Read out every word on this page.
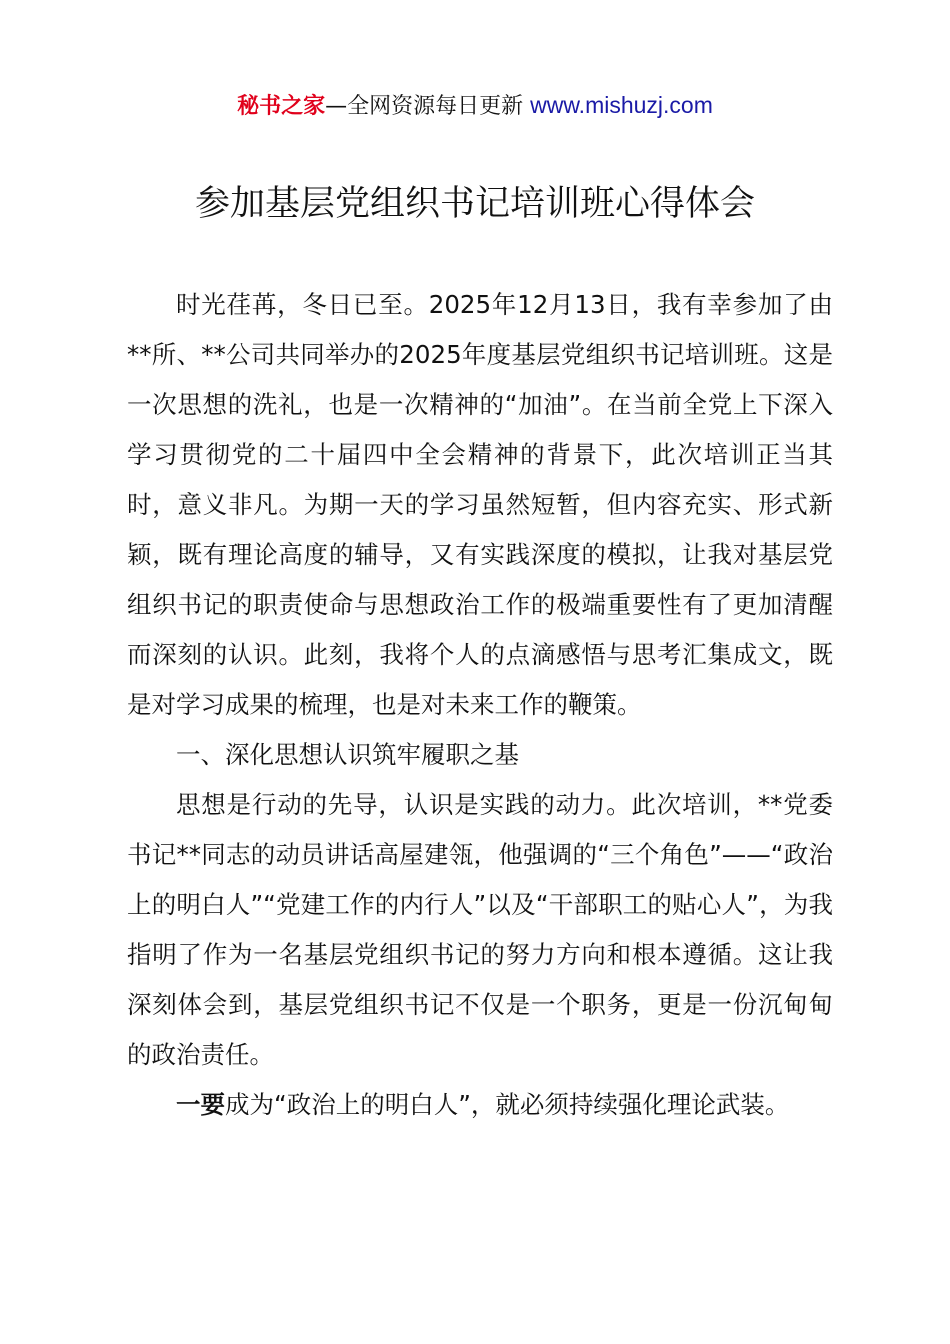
秘书之家—全网资源每日更新 www.mishuzj.com
参加基层党组织书记培训班心得体会

时光荏苒，冬日已至。2025年12月13日，我有幸参加了由**所、**公司共同举办的2025年度基层党组织书记培训班。这是一次思想的洗礼，也是一次精神的“加油”。在当前全党上下深入学习贯彻党的二十届四中全会精神的背景下，此次培训正当其时，意义非凡。为期一天的学习虽然短暂，但内容充实、形式新颖，既有理论高度的辅导，又有实践深度的模拟，让我对基层党组织书记的职责使命与思想政治工作的极端重要性有了更加清醒而深刻的认识。此刻，我将个人的点滴感悟与思考汇集成文，既是对学习成果的梳理，也是对未来工作的鞭策。

一、深化思想认识筑牢履职之基

思想是行动的先导，认识是实践的动力。此次培训，**党委书记**同志的动员讲话高屋建瓴，他强调的“三个角色”——“政治上的明白人”“党建工作的内行人”以及“干部职工的贴心人”，为我指明了作为一名基层党组织书记的努力方向和根本遵循。这让我深刻体会到，基层党组织书记不仅是一个职务，更是一份沉甸甸的政治责任。

一要成为“政治上的明白人”，就必须持续强化理论武装。
